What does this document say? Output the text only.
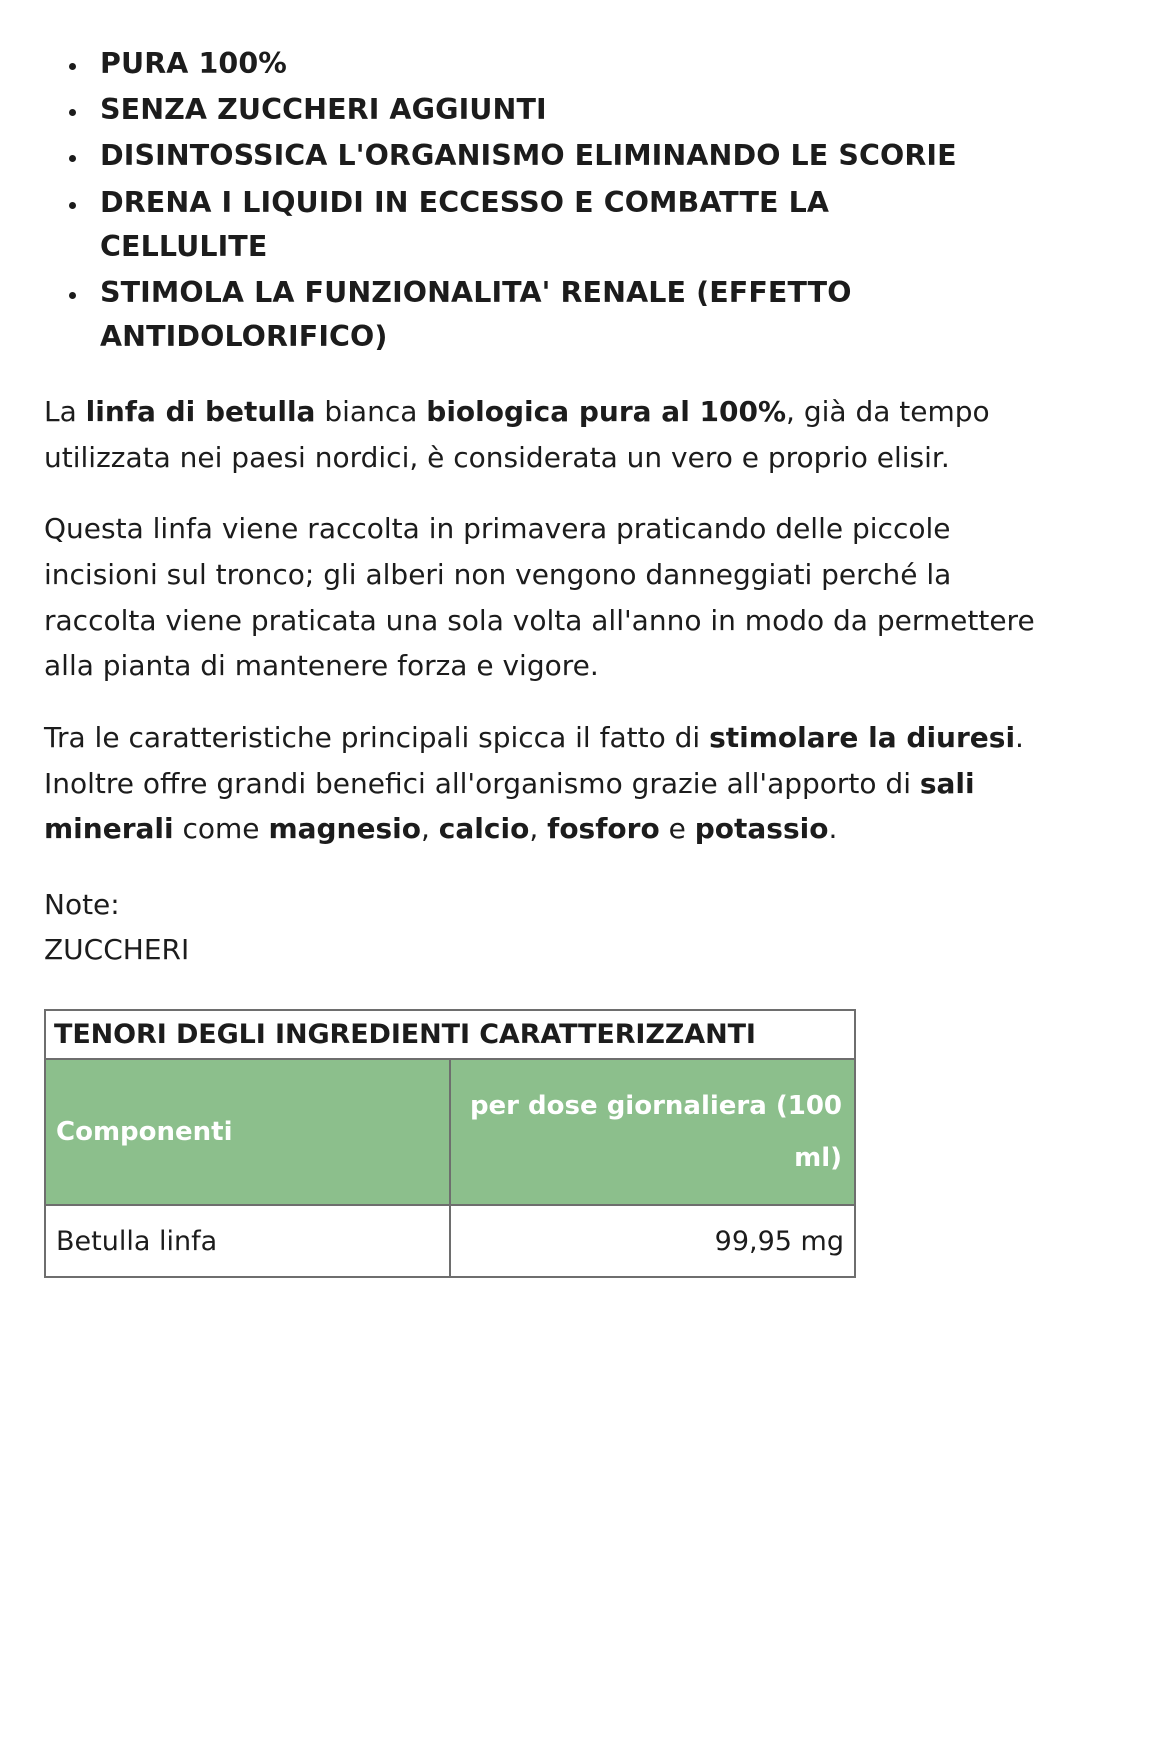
• PURA 100%
• SENZA ZUCCHERI AGGIUNTI
• DISINTOSSICA L'ORGANISMO ELIMINANDO LE SCORIE
• DRENA I LIQUIDI IN ECCESSO E COMBATTE LA CELLULITE
• STIMOLA LA FUNZIONALITA' RENALE (EFFETTO ANTIDOLORIFICO)

La linfa di betulla bianca biologica pura al 100%, già da tempo utilizzata nei paesi nordici, è considerata un vero e proprio elisir.

Questa linfa viene raccolta in primavera praticando delle piccole incisioni sul tronco; gli alberi non vengono danneggiati perché la raccolta viene praticata una sola volta all'anno in modo da permettere alla pianta di mantenere forza e vigore.

Tra le caratteristiche principali spicca il fatto di stimolare la diuresi. Inoltre offre grandi benefici all'organismo grazie all'apporto di sali minerali come magnesio, calcio, fosforo e potassio.

Note:
ZUCCHERI
TENORI DEGLI INGREDIENTI CARATTERIZZANTI	
Componenti	per dose giornaliera (100 ml)
Betulla linfa	99,95 mg
